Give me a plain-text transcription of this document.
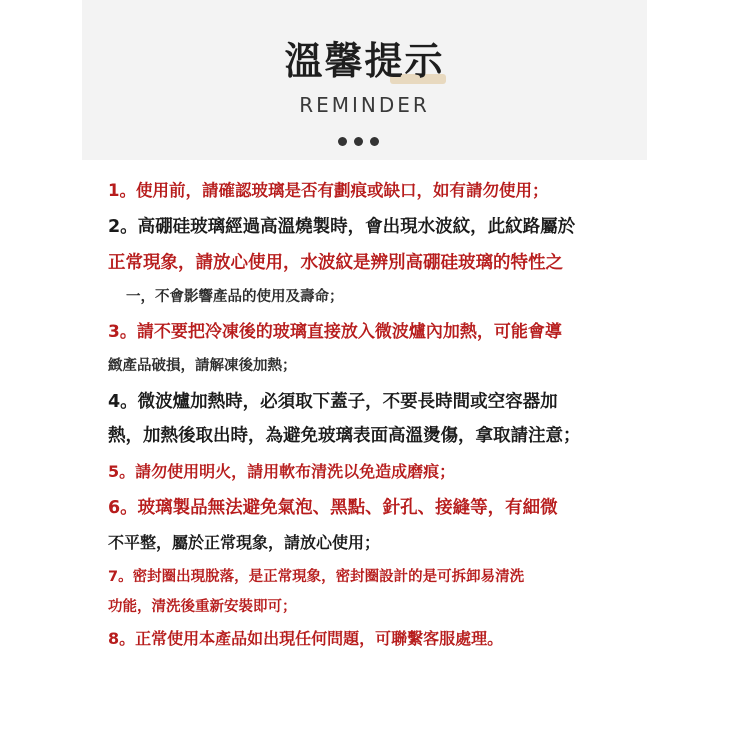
溫馨提示
REMINDER
1。使用前，請確認玻璃是否有劃痕或缺口，如有請勿使用；
2。高硼硅玻璃經過高溫燒製時，會出現水波紋，此紋路屬於
正常現象，請放心使用，水波紋是辨別高硼硅玻璃的特性之
一，不會影響產品的使用及壽命；
3。請不要把冷凍後的玻璃直接放入微波爐內加熱，可能會導
緻產品破損，請解凍後加熱；
4。微波爐加熱時，必須取下蓋子，不要長時間或空容器加
熱，加熱後取出時，為避免玻璃表面高溫燙傷，拿取請注意；
5。請勿使用明火，請用軟布清洗以免造成磨痕；
6。玻璃製品無法避免氣泡、黑點、針孔、接縫等，有細微
不平整，屬於正常現象，請放心使用；
7。密封圈出現脫落，是正常現象，密封圈設計的是可拆卸易清洗
功能，清洗後重新安裝即可；
8。正常使用本產品如出現任何問題，可聯繫客服處理。
